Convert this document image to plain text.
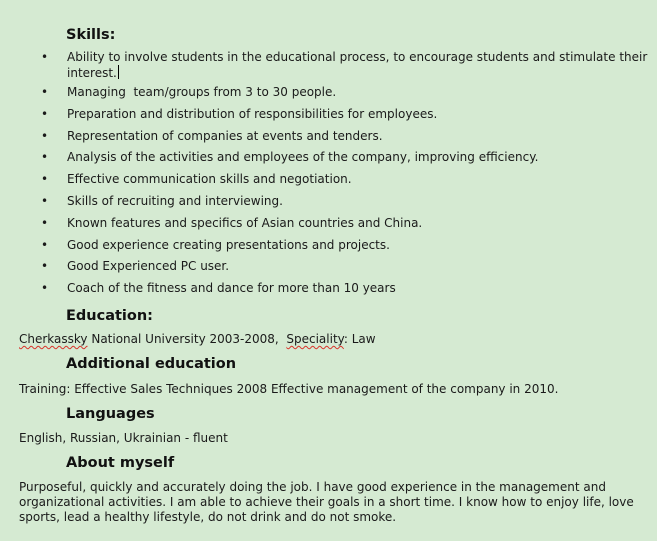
Skills:
• Ability to involve students in the educational process, to encourage students and stimulate their interest.
• Managing  team/groups from 3 to 30 people.
• Preparation and distribution of responsibilities for employees.
• Representation of companies at events and tenders.
• Analysis of the activities and employees of the company, improving efficiency.
• Effective communication skills and negotiation.
• Skills of recruiting and interviewing.
• Known features and specifics of Asian countries and China.
• Good experience creating presentations and projects.
• Good Experienced PC user.
• Coach of the fitness and dance for more than 10 years
Education:
Cherkassky National University 2003-2008,  Speciality: Law
Additional education
Training: Effective Sales Techniques 2008 Effective management of the company in 2010.
Languages
English, Russian, Ukrainian - fluent
About myself
Purposeful, quickly and accurately doing the job. I have good experience in the management and organizational activities. I am able to achieve their goals in a short time. I know how to enjoy life, love sports, lead a healthy lifestyle, do not drink and do not smoke.
